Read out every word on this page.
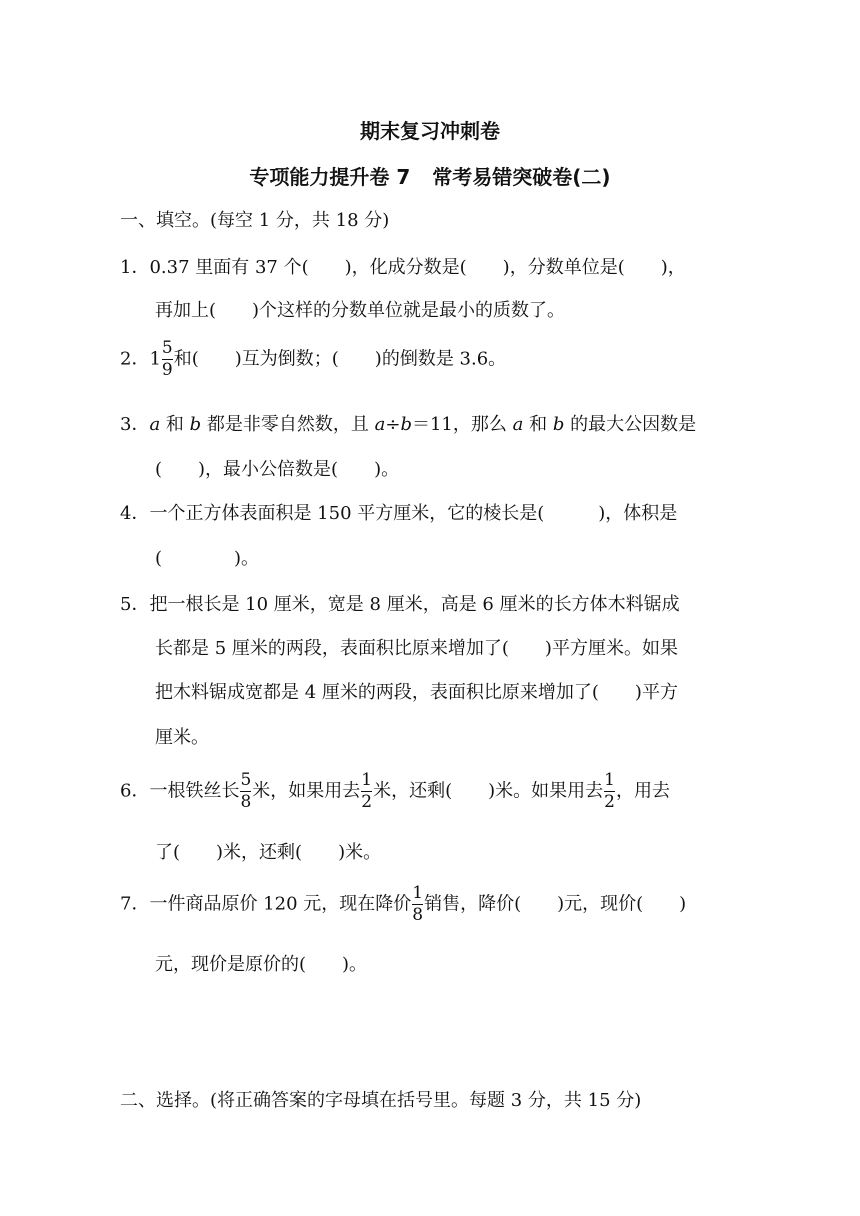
期末复习冲刺卷
专项能力提升卷 7 常考易错突破卷(二)
一、填空。(每空 1 分，共 18 分)
1．0.37 里面有 37 个(　　)，化成分数是(　　)，分数单位是(　　)，
再加上(　　)个这样的分数单位就是最小的质数了。
2．$1 \frac{5}{9}$ 和(　　)互为倒数；(　　)的倒数是 3.6。
3．a 和 b 都是非零自然数，且 a÷b＝11，那么 a 和 b 的最大公因数是
(　　)，最小公倍数是(　　)。
4．一个正方体表面积是 150 平方厘米，它的棱长是(　　　)，体积是
(　　　　)。
5．把一根长是 10 厘米，宽是 8 厘米，高是 6 厘米的长方体木料锯成
长都是 5 厘米的两段，表面积比原来增加了(　　)平方厘米。如果
把木料锯成宽都是 4 厘米的两段，表面积比原来增加了(　　)平方
厘米。
6．一根铁丝长 $\frac{5}{8}$ 米，如果用去 $\frac{1}{2}$ 米，还剩(　　)米。如果用去 $\frac{1}{2}$ ，用去
了(　　)米，还剩(　　)米。
7．一件商品原价 120 元，现在降价 $\frac{1}{8}$ 销售，降价(　　)元，现价(　　)
元，现价是原价的(　　)。
二、选择。(将正确答案的字母填在括号里。每题 3 分，共 15 分)
